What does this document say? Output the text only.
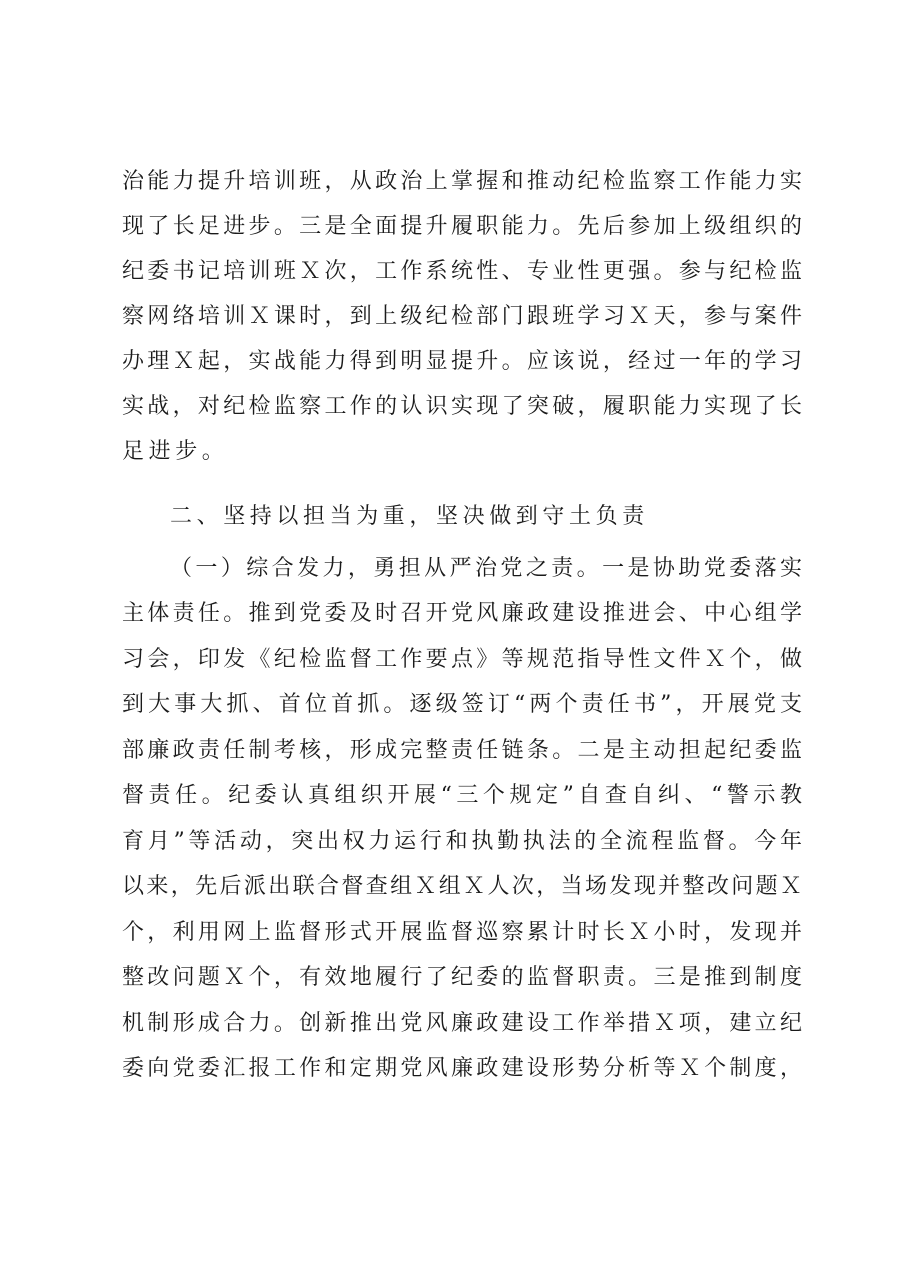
治能力提升培训班，从政治上掌握和推动纪检监察工作能力实
现了长足进步。三是全面提升履职能力。先后参加上级组织的
纪委书记培训班Ｘ次，工作系统性、专业性更强。参与纪检监
察网络培训Ｘ课时，到上级纪检部门跟班学习Ｘ天，参与案件
办理Ｘ起，实战能力得到明显提升。应该说，经过一年的学习
实战，对纪检监察工作的认识实现了突破，履职能力实现了长
足进步。
二、坚持以担当为重，坚决做到守土负责
（一）综合发力，勇担从严治党之责。一是协助党委落实
主体责任。推到党委及时召开党风廉政建设推进会、中心组学
习会，印发《纪检监督工作要点》等规范指导性文件Ｘ个，做
到大事大抓、首位首抓。逐级签订“两个责任书”，开展党支
部廉政责任制考核，形成完整责任链条。二是主动担起纪委监
督责任。纪委认真组织开展“三个规定”自查自纠、“警示教
育月”等活动，突出权力运行和执勤执法的全流程监督。今年
以来，先后派出联合督查组Ｘ组Ｘ人次，当场发现并整改问题Ｘ
个，利用网上监督形式开展监督巡察累计时长Ｘ小时，发现并
整改问题Ｘ个，有效地履行了纪委的监督职责。三是推到制度
机制形成合力。创新推出党风廉政建设工作举措Ｘ项，建立纪
委向党委汇报工作和定期党风廉政建设形势分析等Ｘ个制度，
